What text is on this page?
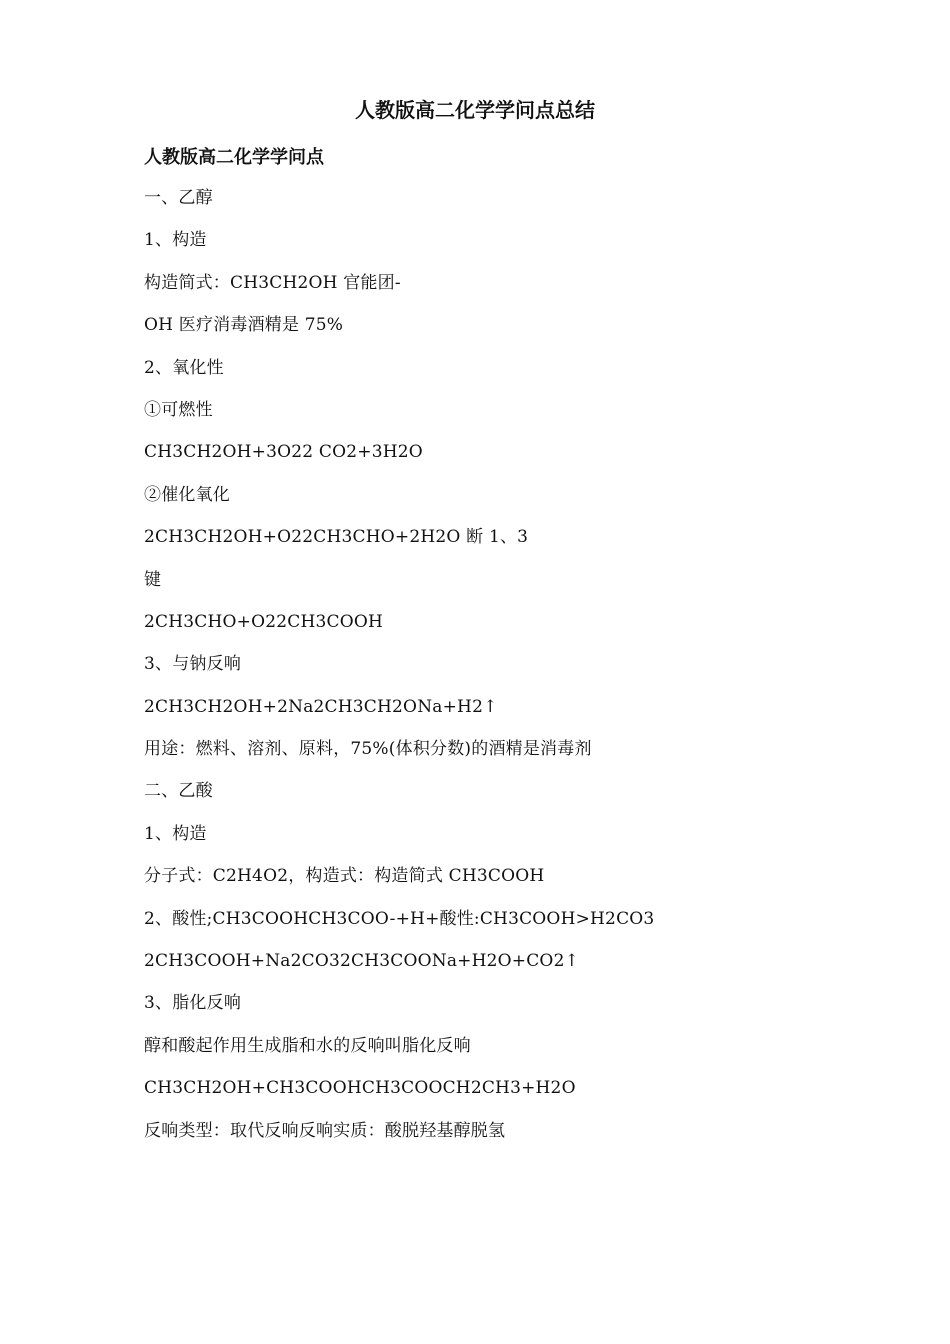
人教版高二化学学问点总结
人教版高二化学学问点
一、乙醇
1、构造
构造简式：CH3CH2OH 官能团-
OH 医疗消毒酒精是 75%
2、氧化性
①可燃性
CH3CH2OH+3O22 CO2+3H2O
②催化氧化
2CH3CH2OH+O22CH3CHO+2H2O 断 1、3
键
2CH3CHO+O22CH3COOH
3、与钠反响
2CH3CH2OH+2Na2CH3CH2ONa+H2↑
用途：燃料、溶剂、原料，75%(体积分数)的酒精是消毒剂
二、乙酸
1、构造
分子式：C2H4O2，构造式：构造简式 CH3COOH
2、酸性;CH3COOHCH3COO-+H+酸性:CH3COOH>H2CO3
2CH3COOH+Na2CO32CH3COONa+H2O+CO2↑
3、脂化反响
醇和酸起作用生成脂和水的反响叫脂化反响
CH3CH2OH+CH3COOHCH3COOCH2CH3+H2O
反响类型：取代反响反响实质：酸脱羟基醇脱氢
